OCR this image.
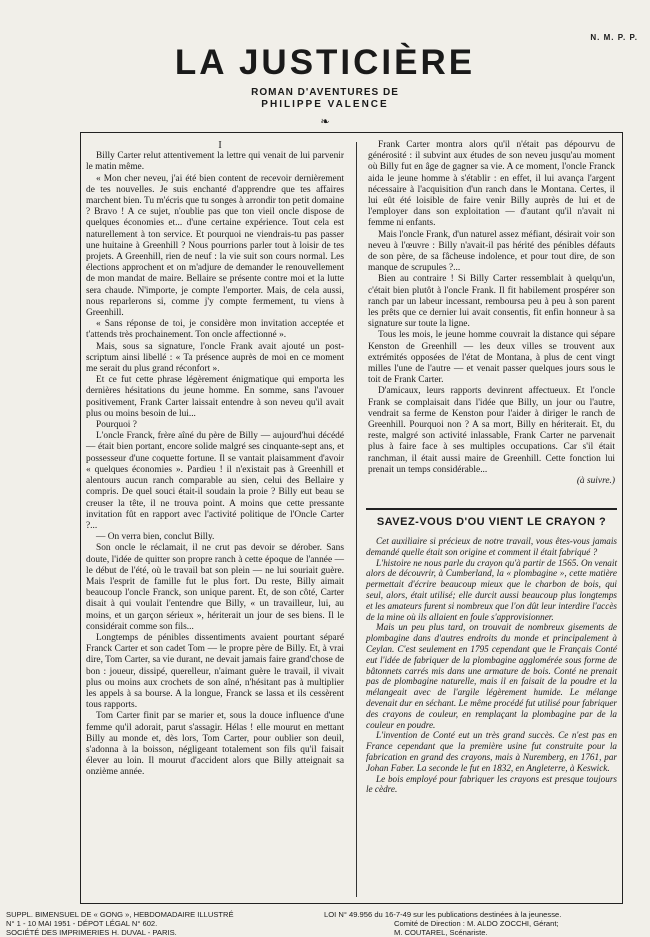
N. M. P. P.
LA JUSTICIÈRE
ROMAN D'AVENTURES DE
PHILIPPE VALENCE
❧

I

Billy Carter relut attentivement la lettre qui venait de lui parvenir le matin même.

« Mon cher neveu, j'ai été bien content de recevoir dernièrement de tes nouvelles. Je suis enchanté d'apprendre que tes affaires marchent bien. Tu m'écris que tu songes à arrondir ton petit domaine ? Bravo ! A ce sujet, n'oublie pas que ton vieil oncle dispose de quelques économies et... d'une certaine expérience. Tout cela est naturellement à ton service. Et pourquoi ne viendrais-tu pas passer une huitaine à Greenhill ? Nous pourrions parler tout à loisir de tes projets. A Greenhill, rien de neuf : la vie suit son cours normal. Les élections approchent et on m'adjure de demander le renouvellement de mon mandat de maire. Bellaire se présente contre moi et la lutte sera chaude. N'importe, je compte l'emporter. Mais, de cela aussi, nous reparlerons si, comme j'y compte fermement, tu viens à Greenhill.

« Sans réponse de toi, je considère mon invitation acceptée et t'attends très prochainement. Ton oncle affectionné ».

Mais, sous sa signature, l'oncle Frank avait ajouté un post-scriptum ainsi libellé : « Ta présence auprès de moi en ce moment me serait du plus grand réconfort ».

Et ce fut cette phrase légèrement énigmatique qui emporta les dernières hésitations du jeune homme. En somme, sans l'avouer positivement, Frank Carter laissait entendre à son neveu qu'il avait plus ou moins besoin de lui...

Pourquoi ?

L'oncle Franck, frère aîné du père de Billy — aujourd'hui décédé — était bien portant, encore solide malgré ses cinquante-sept ans, et possesseur d'une coquette fortune. Il se vantait plaisamment d'avoir « quelques économies ». Pardieu ! il n'existait pas à Greenhill et alentours aucun ranch comparable au sien, celui des Bellaire y compris. De quel souci était-il soudain la proie ? Billy eut beau se creuser la tête, il ne trouva point. A moins que cette pressante invitation fût en rapport avec l'activité politique de l'Oncle Carter ?...

— On verra bien, conclut Billy.

Son oncle le réclamait, il ne crut pas devoir se dérober. Sans doute, l'idée de quitter son propre ranch à cette époque de l'année — le début de l'été, où le travail bat son plein — ne lui souriait guère. Mais l'esprit de famille fut le plus fort. Du reste, Billy aimait beaucoup l'oncle Franck, son unique parent. Et, de son côté, Carter disait à qui voulait l'entendre que Billy, « un travailleur, lui, au moins, et un garçon sérieux », hériterait un jour de ses biens. Il le considérait comme son fils...

Longtemps de pénibles dissentiments avaient pourtant séparé Franck Carter et son cadet Tom — le propre père de Billy. Et, à vrai dire, Tom Carter, sa vie durant, ne devait jamais faire grand'chose de bon : joueur, dissipé, querelleur, n'aimant guère le travail, il vivait plus ou moins aux crochets de son aîné, n'hésitant pas à multiplier les appels à sa bourse. A la longue, Franck se lassa et ils cessèrent tous rapports.

Tom Carter finit par se marier et, sous la douce influence d'une femme qu'il adorait, parut s'assagir. Hélas ! elle mourut en mettant Billy au monde et, dès lors, Tom Carter, pour oublier son deuil, s'adonna à la boisson, négligeant totalement son fils qu'il faisait élever au loin. Il mourut d'accident alors que Billy atteignait sa onzième année.

Frank Carter montra alors qu'il n'était pas dépourvu de générosité : il subvint aux études de son neveu jusqu'au moment où Billy fut en âge de gagner sa vie. A ce moment, l'oncle Franck aida le jeune homme à s'établir : en effet, il lui avança l'argent nécessaire à l'acquisition d'un ranch dans le Montana. Certes, il lui eût été loisible de faire venir Billy auprès de lui et de l'employer dans son exploitation — d'autant qu'il n'avait ni femme ni enfants.

Mais l'oncle Frank, d'un naturel assez méfiant, désirait voir son neveu à l'œuvre : Billy n'avait-il pas hérité des pénibles défauts de son père, de sa fâcheuse indolence, et pour tout dire, de son manque de scrupules ?...

Bien au contraire ! Si Billy Carter ressemblait à quelqu'un, c'était bien plutôt à l'oncle Frank. Il fit habilement prospérer son ranch par un labeur incessant, remboursa peu à peu à son parent les prêts que ce dernier lui avait consentis, fit enfin honneur à sa signature sur toute la ligne.

Tous les mois, le jeune homme couvrait la distance qui sépare Kenston de Greenhill — les deux villes se trouvent aux extrémités opposées de l'état de Montana, à plus de cent vingt milles l'une de l'autre — et venait passer quelques jours sous le toit de Frank Carter.

D'amicaux, leurs rapports devinrent affectueux. Et l'oncle Frank se complaisait dans l'idée que Billy, un jour ou l'autre, vendrait sa ferme de Kenston pour l'aider à diriger le ranch de Greenhill. Pourquoi non ? A sa mort, Billy en hériterait. Et, du reste, malgré son activité inlassable, Frank Carter ne parvenait plus à faire face à ses multiples occupations. Car s'il était ranchman, il était aussi maire de Greenhill. Cette fonction lui prenait un temps considérable...

(à suivre.)

SAVEZ-VOUS D'OU VIENT LE CRAYON ?

Cet auxiliaire si précieux de notre travail, vous êtes-vous jamais demandé quelle était son origine et comment il était fabriqué ?

L'histoire ne nous parle du crayon qu'à partir de 1565. On venait alors de découvrir, à Cumberland, la « plombagine », cette matière permettait d'écrire beaucoup mieux que le charbon de bois, qui seul, alors, était utilisé; elle durcit aussi beaucoup plus longtemps et les amateurs furent si nombreux que l'on dût leur interdire l'accès de la mine où ils allaient en foule s'approvisionner.

Mais un peu plus tard, on trouvait de nombreux gisements de plombagine dans d'autres endroits du monde et principalement à Ceylan. C'est seulement en 1795 cependant que le Français Conté eut l'idée de fabriquer de la plombagine agglomérée sous forme de bâtonnets carrés mis dans une armature de bois. Conté ne prenait pas de plombagine naturelle, mais il en faisait de la poudre et la mélangeait avec de l'argile légèrement humide. Le mélange devenait dur en séchant. Le même procédé fut utilisé pour fabriquer des crayons de couleur, en remplaçant la plombagine par de la couleur en poudre.

L'invention de Conté eut un très grand succès. Ce n'est pas en France cependant que la première usine fut construite pour la fabrication en grand des crayons, mais à Nuremberg, en 1761, par Johan Faber. La seconde le fut en 1832, en Angleterre, à Keswick.

Le bois employé pour fabriquer les crayons est presque toujours le cèdre.

SUPPL. BIMENSUEL DE « GONG », HEBDOMADAIRE ILLUSTRÉ
N° 1 - 10 MAI 1951 - DÉPOT LÉGAL N° 602.
SOCIÉTÉ DES IMPRIMERIES H. DUVAL - PARIS.
LOI N° 49.956 du 16-7-49 sur les publications destinées à la jeunesse.
Comité de Direction : M. ALDO ZOCCHI, Gérant;
M. COUTAREL, Scénariste.
